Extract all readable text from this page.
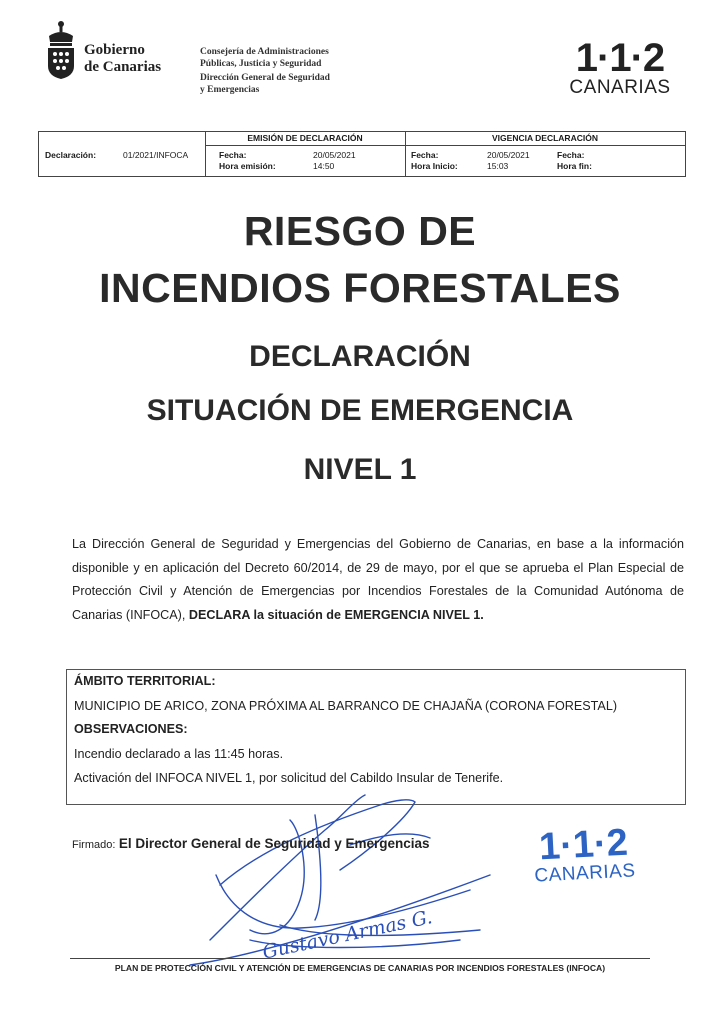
Gobierno
de Canarias
Consejería de Administraciones
Públicas, Justicia y Seguridad
Dirección General de Seguridad
y Emergencias
1·1·2
CANARIAS
Declaración:	01/2021/INFOCA
EMISIÓN DE DECLARACIÓN
Fecha:	20/05/2021
Hora emisión:	14:50
VIGENCIA DECLARACIÓN
Fecha:	20/05/2021
Hora Inicio:	15:03
Fecha:
Hora fin:
RIESGO DE
INCENDIOS FORESTALES
DECLARACIÓN
SITUACIÓN DE EMERGENCIA
NIVEL 1
La Dirección General de Seguridad y Emergencias del Gobierno de Canarias, en base a la información disponible y en aplicación del Decreto 60/2014, de 29 de mayo, por el que se aprueba el Plan Especial de Protección Civil y Atención de Emergencias por Incendios Forestales de la Comunidad Autónoma de Canarias (INFOCA), DECLARA la situación de EMERGENCIA NIVEL 1.
ÁMBITO TERRITORIAL:
MUNICIPIO DE ARICO, ZONA PRÓXIMA AL BARRANCO DE CHAJAÑA (CORONA FORESTAL)
OBSERVACIONES:
Incendio declarado a las 11:45 horas.
Activación del INFOCA NIVEL 1, por solicitud del Cabildo Insular de Tenerife.
Gustavo Armas G.
Firmado: El Director General de Seguridad y Emergencias	1·1·2
CANARIAS
PLAN DE PROTECCIÓN CIVIL Y ATENCIÓN DE EMERGENCIAS DE CANARIAS POR INCENDIOS FORESTALES (INFOCA)
